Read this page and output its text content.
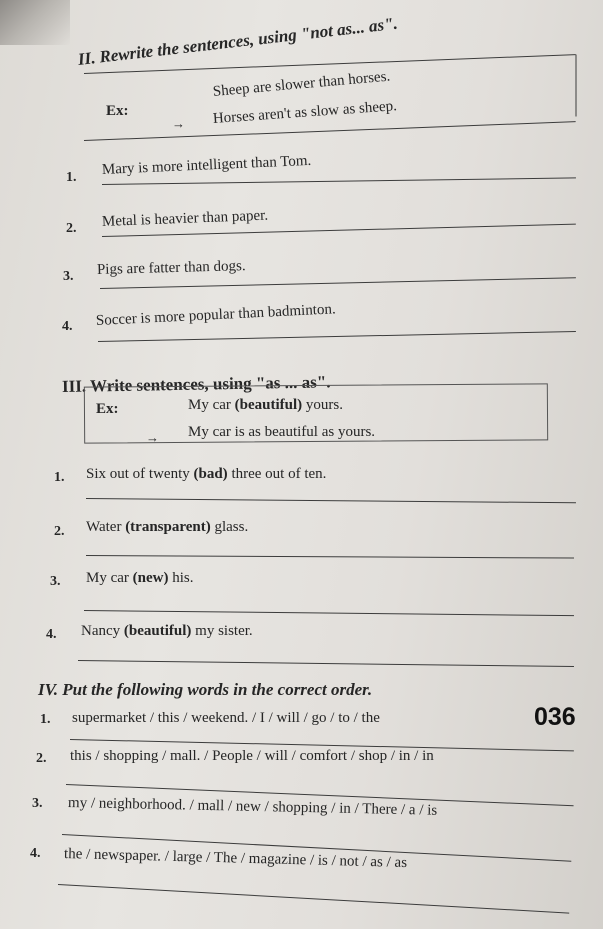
II. Rewrite the sentences, using "not as... as".
Ex:
Sheep are slower than horses.
→ Horses aren't as slow as sheep.
1. Mary is more intelligent than Tom.
2. Metal is heavier than paper.
3. Pigs are fatter than dogs.
4. Soccer is more popular than badminton.
III. Write sentences, using "as ... as".
Ex:	My car (beautiful) yours.
→ My car is as beautiful as yours.
1. Six out of twenty (bad) three out of ten.
2. Water (transparent) glass.
3. My car (new) his.
4. Nancy (beautiful) my sister.
IV. Put the following words in the correct order.
1. supermarket / this / weekend. / I / will / go / to / the	036
2. this / shopping / mall. / People / will / comfort / shop / in / in
3. my / neighborhood. / mall / new / shopping / in / There / a / is
4. the / newspaper. / large / The / magazine / is / not / as / as
